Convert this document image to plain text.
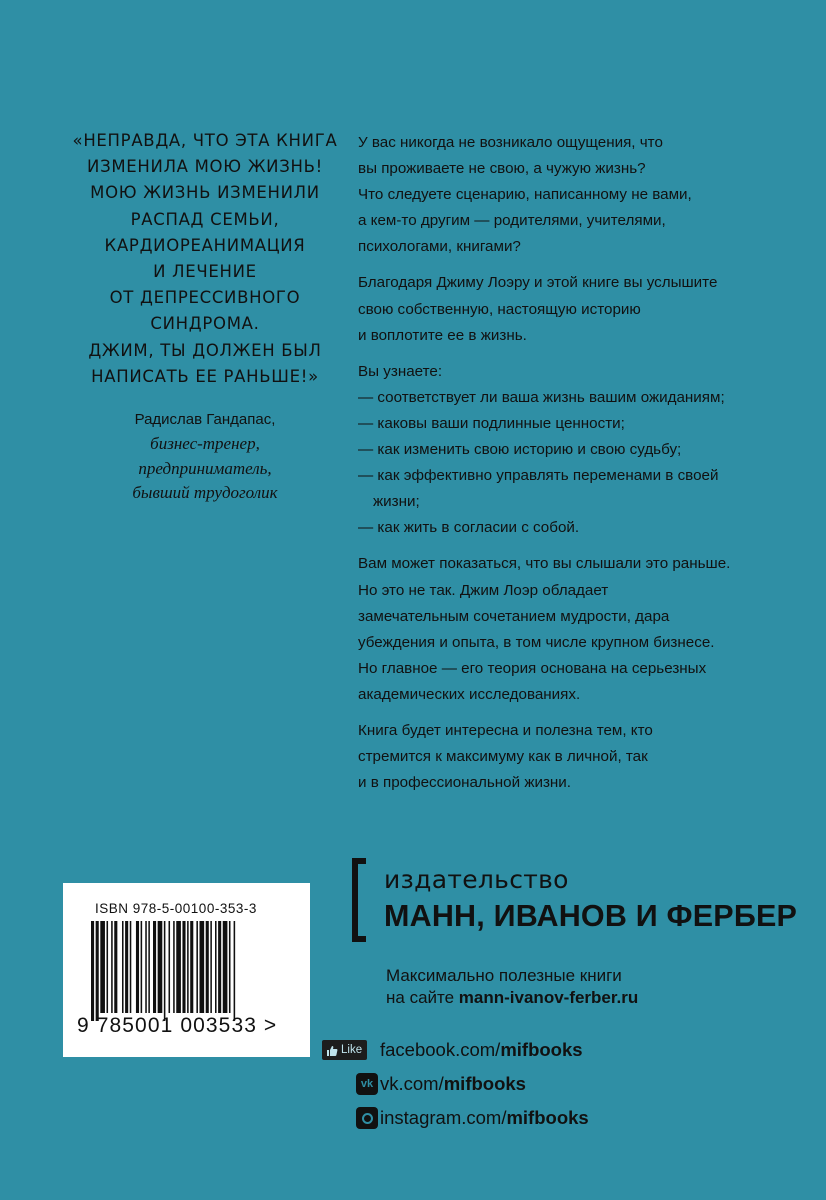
«НЕПРАВДА, ЧТО ЭТА КНИГА
ИЗМЕНИЛА МОЮ ЖИЗНЬ!
МОЮ ЖИЗНЬ ИЗМЕНИЛИ
РАСПАД СЕМЬИ,
КАРДИОРЕАНИМАЦИЯ
И ЛЕЧЕНИЕ
ОТ ДЕПРЕССИВНОГО
СИНДРОМА.
ДЖИМ, ТЫ ДОЛЖЕН БЫЛ
НАПИСАТЬ ЕЕ РАНЬШЕ!»
Радислав Гандапас,
бизнес-тренер,
предприниматель,
бывший трудоголик
У вас никогда не возникало ощущения, что
вы проживаете не свою, а чужую жизнь?
Что следуете сценарию, написанному не вами,
а кем-то другим — родителями, учителями,
психологами, книгами?
Благодаря Джиму Лоэру и этой книге вы услышите
свою собственную, настоящую историю
и воплотите ее в жизнь.
Вы узнаете:
— соответствует ли ваша жизнь вашим ожиданиям;
— каковы ваши подлинные ценности;
— как изменить свою историю и свою судьбу;
— как эффективно управлять переменами в своей
жизни;
— как жить в согласии с собой.
Вам может показаться, что вы слышали это раньше.
Но это не так. Джим Лоэр обладает
замечательным сочетанием мудрости, дара
убеждения и опыта, в том числе крупном бизнесе.
Но главное — его теория основана на серьезных
академических исследованиях.
Книга будет интересна и полезна тем, кто
стремится к максимуму как в личной, так
и в профессиональной жизни.
ISBN 978-5-00100-353-3
9 785001 003533 >
издательство
МАНН, ИВАНОВ И ФЕРБЕР
Максимально полезные книги
на сайте mann-ivanov-ferber.ru
Like facebook.com/mifbooks
vk vk.com/mifbooks
instagram.com/mifbooks
